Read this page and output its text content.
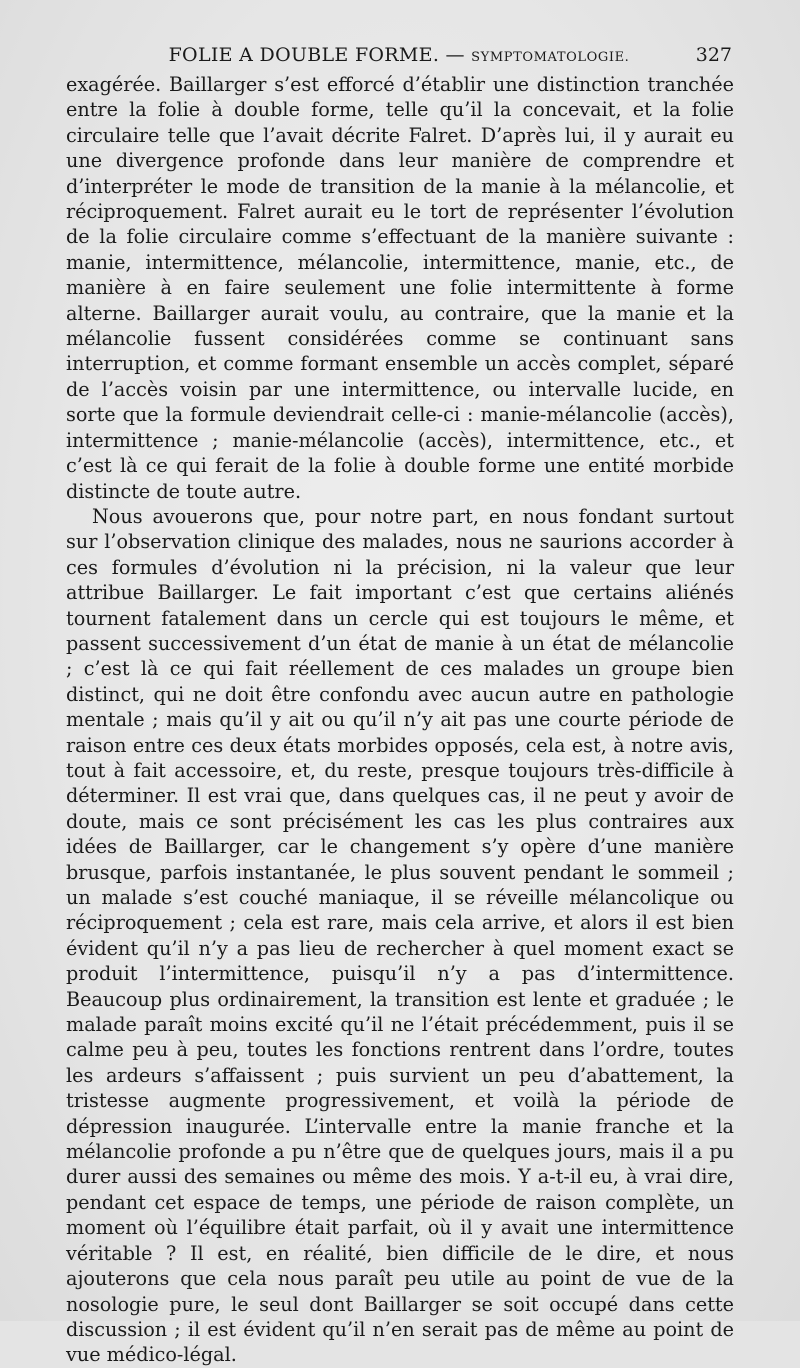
FOLIE A DOUBLE FORME. — SYMPTOMATOLOGIE.	327

exagérée. Baillarger s’est efforcé d’établir une distinction tranchée entre la folie à double forme, telle qu’il la concevait, et la folie circulaire telle que l’avait décrite Falret. D’après lui, il y aurait eu une divergence profonde dans leur manière de comprendre et d’interpréter le mode de transition de la manie à la mélancolie, et réciproquement. Falret aurait eu le tort de représenter l’évolution de la folie circulaire comme s’effectuant de la manière suivante : manie, intermittence, mélancolie, intermittence, manie, etc., de manière à en faire seulement une folie intermittente à forme alterne. Baillarger aurait voulu, au contraire, que la manie et la mélancolie fussent considérées comme se continuant sans interruption, et comme formant ensemble un accès complet, séparé de l’accès voisin par une intermittence, ou intervalle lucide, en sorte que la formule deviendrait celle-ci : manie-mélancolie (accès), intermittence ; manie-mélancolie (accès), intermittence, etc., et c’est là ce qui ferait de la folie à double forme une entité morbide distincte de toute autre.

Nous avouerons que, pour notre part, en nous fondant surtout sur l’observation clinique des malades, nous ne saurions accorder à ces formules d’évolution ni la précision, ni la valeur que leur attribue Baillarger. Le fait important c’est que certains aliénés tournent fatalement dans un cercle qui est toujours le même, et passent successivement d’un état de manie à un état de mélancolie ; c’est là ce qui fait réellement de ces malades un groupe bien distinct, qui ne doit être confondu avec aucun autre en pathologie mentale ; mais qu’il y ait ou qu’il n’y ait pas une courte période de raison entre ces deux états morbides opposés, cela est, à notre avis, tout à fait accessoire, et, du reste, presque toujours très-difficile à déterminer. Il est vrai que, dans quelques cas, il ne peut y avoir de doute, mais ce sont précisément les cas les plus contraires aux idées de Baillarger, car le changement s’y opère d’une manière brusque, parfois instantanée, le plus souvent pendant le sommeil ; un malade s’est couché maniaque, il se réveille mélancolique ou réciproquement ; cela est rare, mais cela arrive, et alors il est bien évident qu’il n’y a pas lieu de rechercher à quel moment exact se produit l’intermittence, puisqu’il n’y a pas d’intermittence. Beaucoup plus ordinairement, la transition est lente et graduée ; le malade paraît moins excité qu’il ne l’était précédemment, puis il se calme peu à peu, toutes les fonctions rentrent dans l’ordre, toutes les ardeurs s’affaissent ; puis survient un peu d’abattement, la tristesse augmente progressivement, et voilà la période de dépression inaugurée. L’intervalle entre la manie franche et la mélancolie profonde a pu n’être que de quelques jours, mais il a pu durer aussi des semaines ou même des mois. Y a-t-il eu, à vrai dire, pendant cet espace de temps, une période de raison complète, un moment où l’équilibre était parfait, où il y avait une intermittence véritable ? Il est, en réalité, bien difficile de le dire, et nous ajouterons que cela nous paraît peu utile au point de vue de la nosologie pure, le seul dont Baillarger se soit occupé dans cette discussion ; il est évident qu’il n’en serait pas de même au point de vue médico-légal.
